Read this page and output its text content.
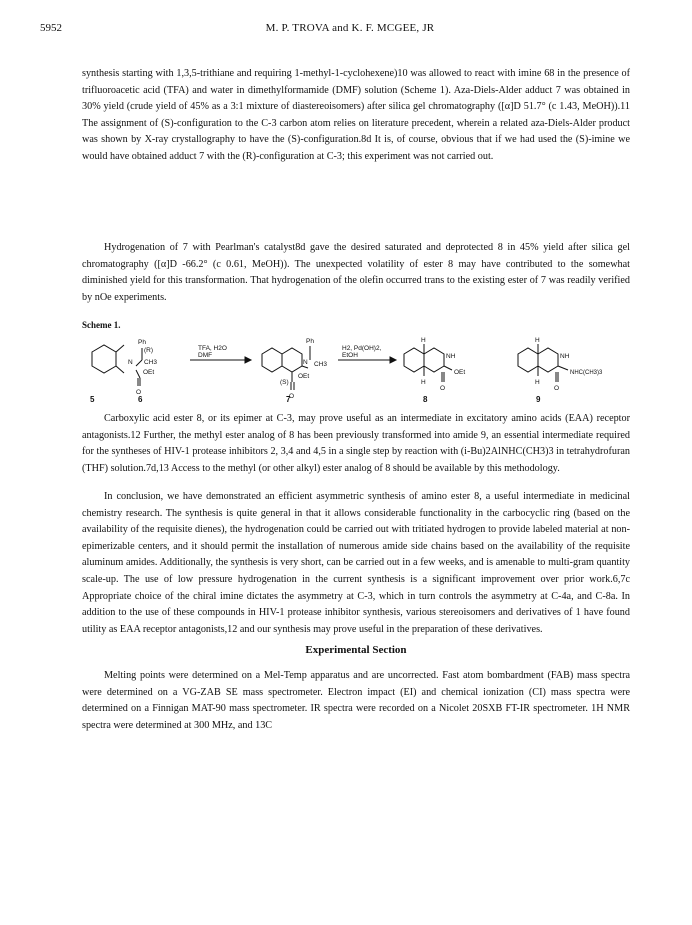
5952	M. P. TROVA and K. F. MCGEE, JR

synthesis starting with 1,3,5-trithiane and requiring 1-methyl-1-cyclohexene)10 was allowed to react with imine 68 in the presence of trifluoroacetic acid (TFA) and water in dimethylformamide (DMF) solution (Scheme 1). Aza-Diels-Alder adduct 7 was obtained in 30% yield (crude yield of 45% as a 3:1 mixture of diastereoisomers) after silica gel chromatography ([α]D 51.7° (c 1.43, MeOH)).11 The assignment of (S)-configuration to the C-3 carbon atom relies on literature precedent, wherein a related aza-Diels-Alder product was shown by X-ray crystallography to have the (S)-configuration.8d It is, of course, obvious that if we had used the (S)-imine we would have obtained adduct 7 with the (R)-configuration at C-3; this experiment was not carried out.

Hydrogenation of 7 with Pearlman's catalyst8d gave the desired saturated and deprotected 8 in 45% yield after silica gel chromatography ([α]D -66.2° (c 0.61, MeOH)). The unexpected volatility of ester 8 may have contributed to the somewhat diminished yield for this transformation. That hydrogenation of the olefin occurred trans to the existing ester of 7 was readily verified by nOe experiments.

Scheme 1.
Ph
(R)
N CH3
OEt
O
TFA, H2O
DMF
Ph
N CH3
OEt
(S)
O
H2, Pd(OH)2,
EtOH
H
NH
OEt
H
O
H
NH
NHC(CH3)3
H
O
5	6	7	8	9

Carboxylic acid ester 8, or its epimer at C-3, may prove useful as an intermediate in excitatory amino acids (EAA) receptor antagonists.12 Further, the methyl ester analog of 8 has been previously transformed into amide 9, an essential intermediate required for the syntheses of HIV-1 protease inhibitors 2, 3,4 and 4,5 in a single step by reaction with (i-Bu)2AlNHC(CH3)3 in tetrahydrofuran (THF) solution.7d,13 Access to the methyl (or other alkyl) ester analog of 8 should be available by this methodology.

In conclusion, we have demonstrated an efficient asymmetric synthesis of amino ester 8, a useful intermediate in medicinal chemistry research. The synthesis is quite general in that it allows considerable functionality in the carbocyclic ring (based on the availability of the requisite dienes), the hydrogenation could be carried out with tritiated hydrogen to provide labeled material at non-epimerizable centers, and it should permit the installation of numerous amide side chains based on the availability of the requisite aluminum amides. Additionally, the synthesis is very short, can be carried out in a few weeks, and is amenable to multi-gram quantity scale-up. The use of low pressure hydrogenation in the current synthesis is a significant improvement over prior work.6,7c Appropriate choice of the chiral imine dictates the asymmetry at C-3, which in turn controls the asymmetry at C-4a, and C-8a. In addition to the use of these compounds in HIV-1 protease inhibitor synthesis, various stereoisomers and derivatives of 1 have found utility as EAA receptor antagonists,12 and our synthesis may prove useful in the preparation of these derivatives.

Experimental Section

Melting points were determined on a Mel-Temp apparatus and are uncorrected. Fast atom bombardment (FAB) mass spectra were determined on a VG-ZAB SE mass spectrometer. Electron impact (EI) and chemical ionization (CI) mass spectra were determined on a Finnigan MAT-90 mass spectrometer. IR spectra were recorded on a Nicolet 20SXB FT-IR spectrometer. 1H NMR spectra were determined at 300 MHz, and 13C
